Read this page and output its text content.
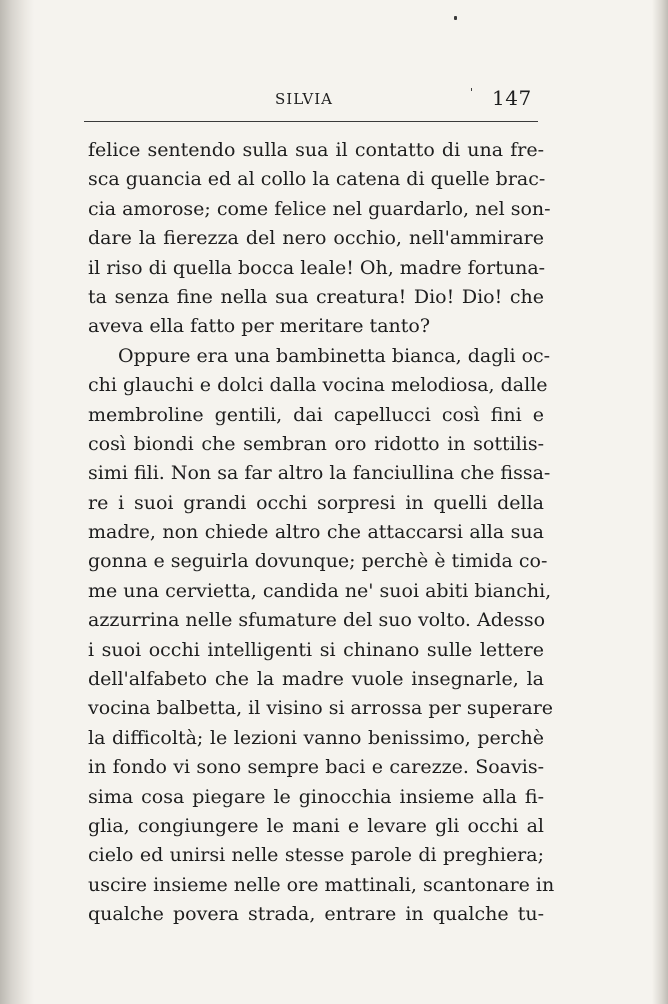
SILVIA	' 147
felice sentendo sulla sua il contatto di una fre-
sca guancia ed al collo la catena di quelle brac-
cia amorose; come felice nel guardarlo, nel son-
dare la fierezza del nero occhio, nell'ammirare
il riso di quella bocca leale! Oh, madre fortuna-
ta senza fine nella sua creatura! Dio! Dio! che
aveva ella fatto per meritare tanto?
Oppure era una bambinetta bianca, dagli oc-
chi glauchi e dolci dalla vocina melodiosa, dalle
membroline gentili, dai capellucci così fini e
così biondi che sembran oro ridotto in sottilis-
simi fili. Non sa far altro la fanciullina che fissa-
re i suoi grandi occhi sorpresi in quelli della
madre, non chiede altro che attaccarsi alla sua
gonna e seguirla dovunque; perchè è timida co-
me una cervietta, candida ne' suoi abiti bianchi,
azzurrina nelle sfumature del suo volto. Adesso
i suoi occhi intelligenti si chinano sulle lettere
dell'alfabeto che la madre vuole insegnarle, la
vocina balbetta, il visino si arrossa per superare
la difficoltà; le lezioni vanno benissimo, perchè
in fondo vi sono sempre baci e carezze. Soavis-
sima cosa piegare le ginocchia insieme alla fi-
glia, congiungere le mani e levare gli occhi al
cielo ed unirsi nelle stesse parole di preghiera;
uscire insieme nelle ore mattinali, scantonare in
qualche povera strada, entrare in qualche tu-
